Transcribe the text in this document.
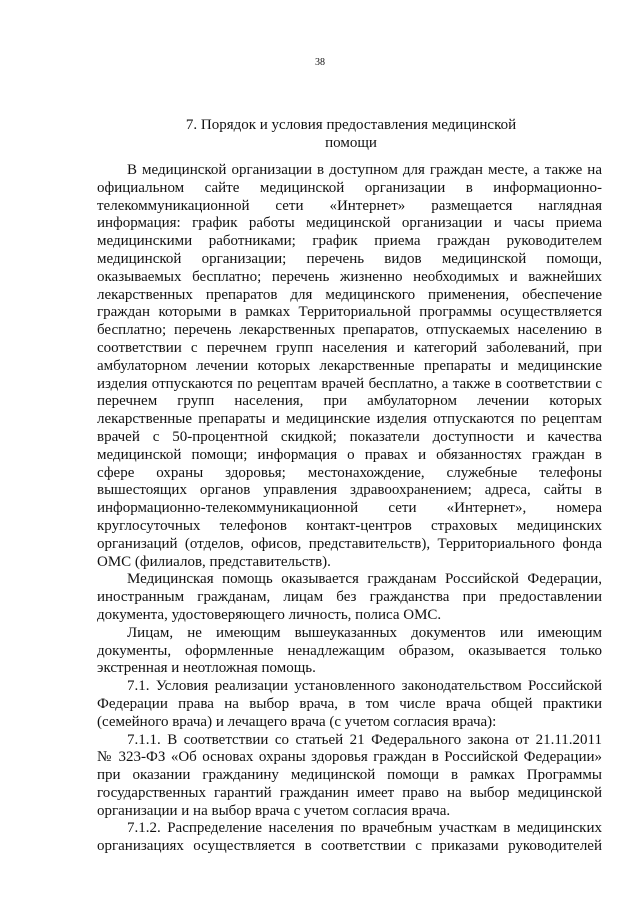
38
7. Порядок и условия предоставления медицинской
помощи
В медицинской организации в доступном для граждан месте, а также на
официальном сайте медицинской организации в информационно-
телекоммуникационной сети «Интернет» размещается наглядная
информация: график работы медицинской организации и часы приема
медицинскими работниками; график приема граждан руководителем
медицинской организации; перечень видов медицинской помощи,
оказываемых бесплатно; перечень жизненно необходимых и важнейших
лекарственных препаратов для медицинского применения, обеспечение
граждан которыми в рамках Территориальной программы осуществляется
бесплатно; перечень лекарственных препаратов, отпускаемых населению в
соответствии с перечнем групп населения и категорий заболеваний, при
амбулаторном лечении которых лекарственные препараты и медицинские
изделия отпускаются по рецептам врачей бесплатно, а также в соответствии с
перечнем групп населения, при амбулаторном лечении которых
лекарственные препараты и медицинские изделия отпускаются по рецептам
врачей с 50-процентной скидкой; показатели доступности и качества
медицинской помощи; информация о правах и обязанностях граждан в
сфере охраны здоровья; местонахождение, служебные телефоны
вышестоящих органов управления здравоохранением; адреса, сайты в
информационно-телекоммуникационной сети «Интернет», номера
круглосуточных телефонов контакт-центров страховых медицинских
организаций (отделов, офисов, представительств), Территориального фонда
ОМС (филиалов, представительств).
Медицинская помощь оказывается гражданам Российской Федерации,
иностранным гражданам, лицам без гражданства при предоставлении
документа, удостоверяющего личность, полиса ОМС.
Лицам, не имеющим вышеуказанных документов или имеющим
документы, оформленные ненадлежащим образом, оказывается только
экстренная и неотложная помощь.
7.1. Условия реализации установленного законодательством Российской
Федерации права на выбор врача, в том числе врача общей практики
(семейного врача) и лечащего врача (с учетом согласия врача):
7.1.1. В соответствии со статьей 21 Федерального закона от 21.11.2011
№ 323-ФЗ «Об основах охраны здоровья граждан в Российской Федерации»
при оказании гражданину медицинской помощи в рамках Программы
государственных гарантий гражданин имеет право на выбор медицинской
организации и на выбор врача с учетом согласия врача.
7.1.2. Распределение населения по врачебным участкам в медицинских
организациях осуществляется в соответствии с приказами руководителей
